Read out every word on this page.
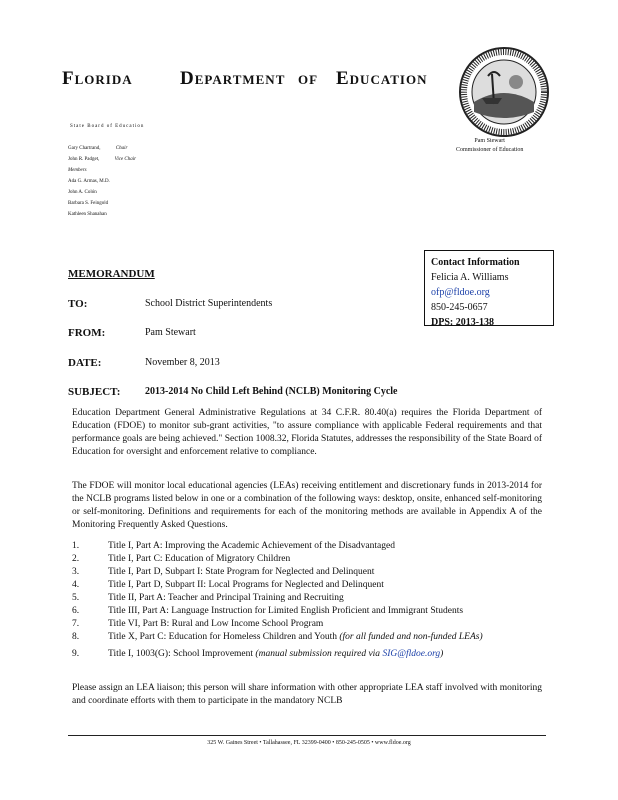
Florida Department of Education
State Board of Education
Pam Stewart
Commissioner of Education
Gary Chartrand,	Chair
John R. Padget,	Vice Chair
Members
Ada G. Armas, M.D.
John A. Colón
Barbara S. Feingold
Kathleen Shanahan
Contact Information
Felicia A. Williams
ofp@fldoe.org
850-245-0657
DPS: 2013-138
MEMORANDUM
TO:	School District Superintendents
FROM:	Pam Stewart
DATE:	November 8, 2013
SUBJECT: 2013-2014 No Child Left Behind (NCLB) Monitoring Cycle
Education Department General Administrative Regulations at 34 C.F.R. 80.40(a) requires the Florida Department of Education (FDOE) to monitor sub-grant activities, "to assure compliance with applicable Federal requirements and that performance goals are being achieved." Section 1008.32, Florida Statutes, addresses the responsibility of the State Board of Education for oversight and enforcement relative to compliance.
The FDOE will monitor local educational agencies (LEAs) receiving entitlement and discretionary funds in 2013-2014 for the NCLB programs listed below in one or a combination of the following ways: desktop, onsite, enhanced self-monitoring or self-monitoring. Definitions and requirements for each of the monitoring methods are available in Appendix A of the Monitoring Frequently Asked Questions.
1.	Title I, Part A: Improving the Academic Achievement of the Disadvantaged
2.	Title I, Part C: Education of Migratory Children
3.	Title I, Part D, Subpart I: State Program for Neglected and Delinquent
4.	Title I, Part D, Subpart II: Local Programs for Neglected and Delinquent
5.	Title II, Part A: Teacher and Principal Training and Recruiting
6.	Title III, Part A: Language Instruction for Limited English Proficient and Immigrant Students
7.	Title VI, Part B: Rural and Low Income School Program
8.	Title X, Part C: Education for Homeless Children and Youth (for all funded and non-funded LEAs)
9.	Title I, 1003(G): School Improvement (manual submission required via SIG@fldoe.org)
Please assign an LEA liaison; this person will share information with other appropriate LEA staff involved with monitoring and coordinate efforts with them to participate in the mandatory NCLB
325 W. Gaines Street • Tallahassee, FL 32399-0400 • 850-245-0505 • www.fldoe.org
